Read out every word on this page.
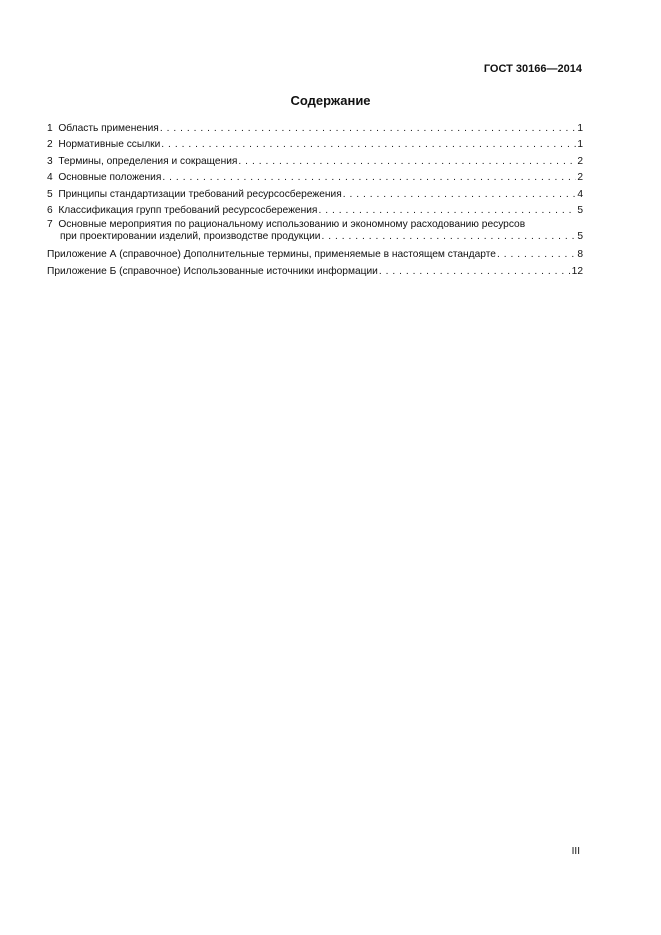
ГОСТ 30166—2014
Содержание
1
Область применения . . .	1
2
Нормативные ссылки . . .	1
3
Термины, определения и сокращения . . .	2
4
Основные положения . . .	2
5
Принципы стандартизации требований ресурсосбережения . . .	4
6
Классификация групп требований ресурсосбережения . . .	5
7 Основные мероприятия по рациональному использованию и экономному расходованию ресурсов
при проектировании изделий, производстве продукции . . .	5
Приложение А (справочное) Дополнительные термины, применяемые в настоящем стандарте . . .	8
Приложение Б (справочное) Использованные источники информации . . .	12
III
